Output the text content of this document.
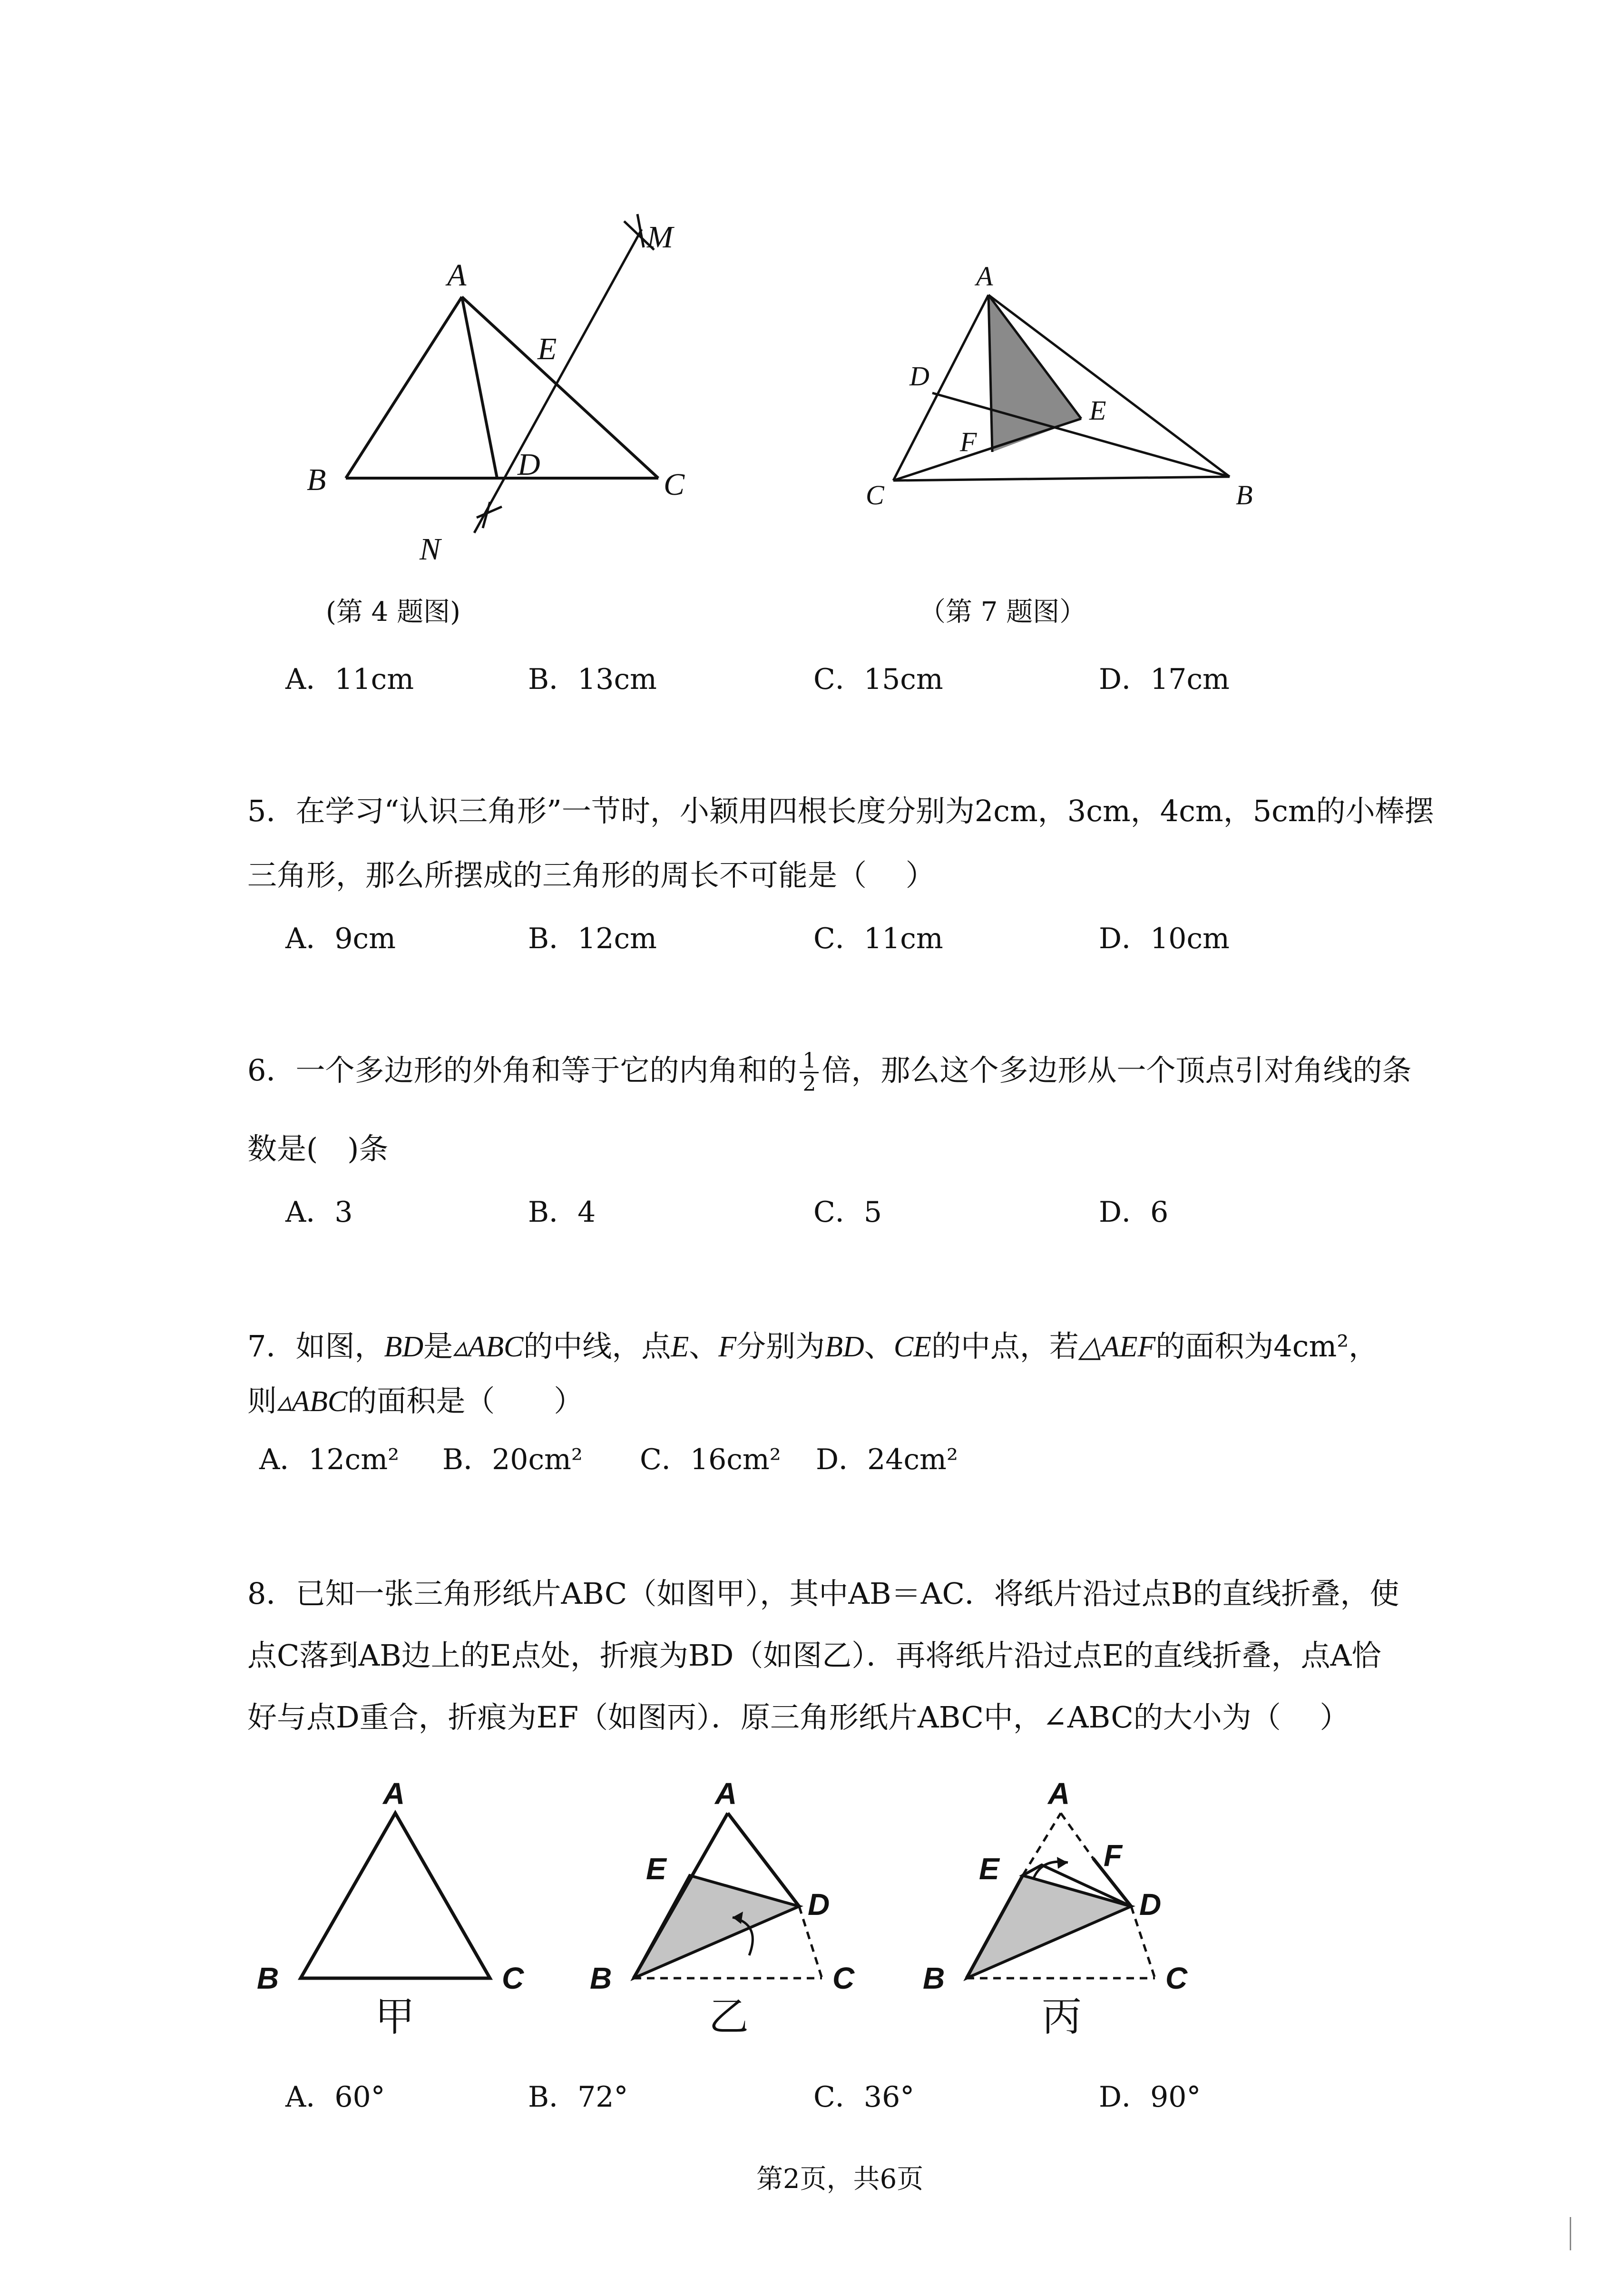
A
B	C
D
E
M
N
(第 4 题图)
A
B
C
D
E
F
（第 7 题图）
A．11cm	B．13cm	C．15cm	D．17cm
5．在学习“认识三角形”一节时，小颖用四根长度分别为2cm，3cm，4cm，5cm的小棒摆
三角形，那么所摆成的三角形的周长不可能是（　 ）
A．9cm	B．12cm	C．11cm	D．10cm
6．一个多边形的外角和等于它的内角和的 $\frac{1}{2}$ 倍，那么这个多边形从一个顶点引对角线的条
数是(　)条
A．3	B．4	C．5	D．6
7．如图，BD是▵ABC的中线，点E、F分别为BD、CE的中点，若△AEF的面积为4cm²，
则▵ABC的面积是（　　）
A．12cm² B．20cm² C．16cm² D．24cm²
8．已知一张三角形纸片ABC（如图甲），其中AB＝AC．将纸片沿过点B的直线折叠，使
点C落到AB边上的E点处，折痕为BD（如图乙）．再将纸片沿过点E的直线折叠，点A恰
好与点D重合，折痕为EF（如图丙）．原三角形纸片ABC中，∠ABC的大小为（　 ）
A
B	C
甲
A
B	C
D
E
乙
A
B	C
D
E	F
丙
A．60°	B．72°	C．36°	D．90°
第2页，共6页
